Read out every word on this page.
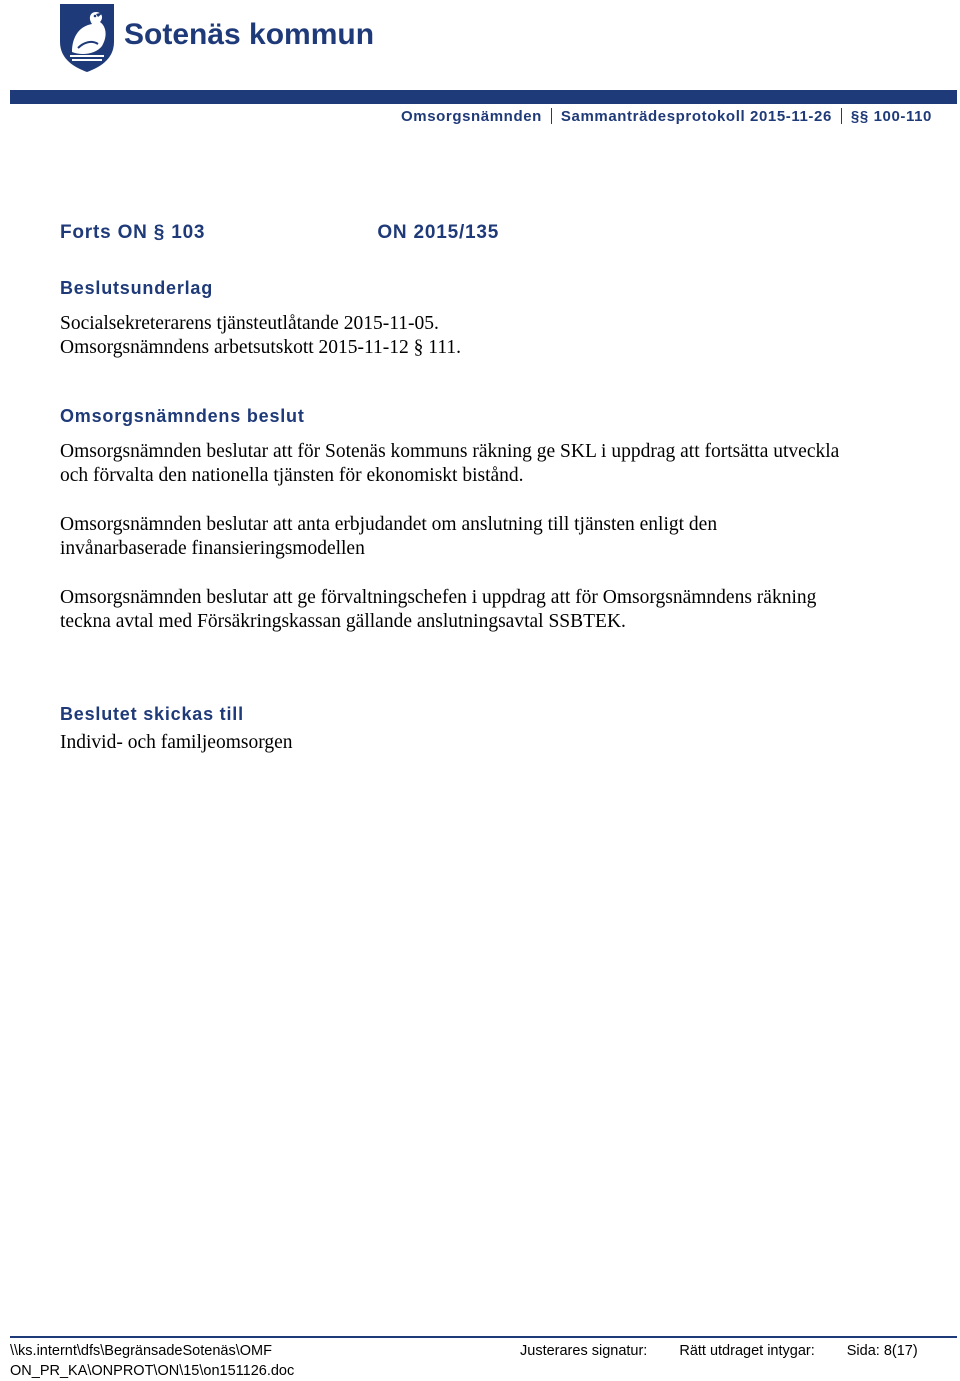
Sotenäs kommun
Omsorgsnämnden Sammanträdesprotokoll 2015-11-26 §§ 100-110
Forts ON § 103	ON 2015/135
Beslutsunderlag
Socialsekreterarens tjänsteutlåtande 2015-11-05.
Omsorgsnämndens arbetsutskott 2015-11-12 § 111.
Omsorgsnämndens beslut
Omsorgsnämnden beslutar att för Sotenäs kommuns räkning ge SKL i uppdrag att fortsätta utveckla
och förvalta den nationella tjänsten för ekonomiskt bistånd.
Omsorgsnämnden beslutar att anta erbjudandet om anslutning till tjänsten enligt den
invånarbaserade finansieringsmodellen
Omsorgsnämnden beslutar att ge förvaltningschefen i uppdrag att för Omsorgsnämndens räkning
teckna avtal med Försäkringskassan gällande anslutningsavtal SSBTEK.
Beslutet skickas till
Individ- och familjeomsorgen
\\ks.internt\dfs\BegränsadeSotenäs\OMF
ON_PR_KA\ONPROT\ON\15\on151126.doc
Justerares signatur: Rätt utdraget intygar: Sida: 8(17)
